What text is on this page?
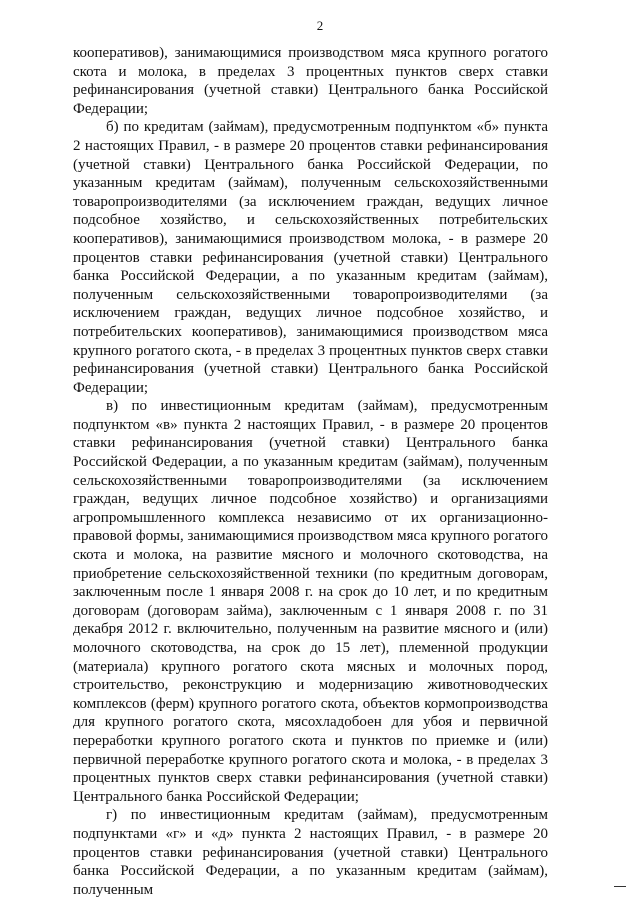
2

кооперативов), занимающимися производством мяса крупного рогатого скота и молока, в пределах 3 процентных пунктов сверх ставки рефинансирования (учетной ставки) Центрального банка Российской Федерации;

б) по кредитам (займам), предусмотренным подпунктом «б» пункта 2 настоящих Правил, - в размере 20 процентов ставки рефинансирования (учетной ставки) Центрального банка Российской Федерации, по указанным кредитам (займам), полученным сельскохозяйственными товаропроизводителями (за исключением граждан, ведущих личное подсобное хозяйство, и сельскохозяйственных потребительских кооперативов), занимающимися производством молока, - в размере 20 процентов ставки рефинансирования (учетной ставки) Центрального банка Российской Федерации, а по указанным кредитам (займам), полученным сельскохозяйственными товаропроизводителями (за исключением граждан, ведущих личное подсобное хозяйство, и потребительских кооперативов), занимающимися производством мяса крупного рогатого скота, - в пределах 3 процентных пунктов сверх ставки рефинансирования (учетной ставки) Центрального банка Российской Федерации;

в) по инвестиционным кредитам (займам), предусмотренным подпунктом «в» пункта 2 настоящих Правил, - в размере 20 процентов ставки рефинансирования (учетной ставки) Центрального банка Российской Федерации, а по указанным кредитам (займам), полученным сельскохозяйственными товаропроизводителями (за исключением граждан, ведущих личное подсобное хозяйство) и организациями агропромышленного комплекса независимо от их организационно-правовой формы, занимающимися производством мяса крупного рогатого скота и молока, на развитие мясного и молочного скотоводства, на приобретение сельскохозяйственной техники (по кредитным договорам, заключенным после 1 января 2008 г. на срок до 10 лет, и по кредитным договорам (договорам займа), заключенным с 1 января 2008 г. по 31 декабря 2012 г. включительно, полученным на развитие мясного и (или) молочного скотоводства, на срок до 15 лет), племенной продукции (материала) крупного рогатого скота мясных и молочных пород, строительство, реконструкцию и модернизацию животноводческих комплексов (ферм) крупного рогатого скота, объектов кормопроизводства для крупного рогатого скота, мясохладобоен для убоя и первичной переработки крупного рогатого скота и пунктов по приемке и (или) первичной переработке крупного рогатого скота и молока, - в пределах 3 процентных пунктов сверх ставки рефинансирования (учетной ставки) Центрального банка Российской Федерации;

г) по инвестиционным кредитам (займам), предусмотренным подпунктами «г» и «д» пункта 2 настоящих Правил, - в размере 20 процентов ставки рефинансирования (учетной ставки) Центрального банка Российской Федерации, а по указанным кредитам (займам), полученным
